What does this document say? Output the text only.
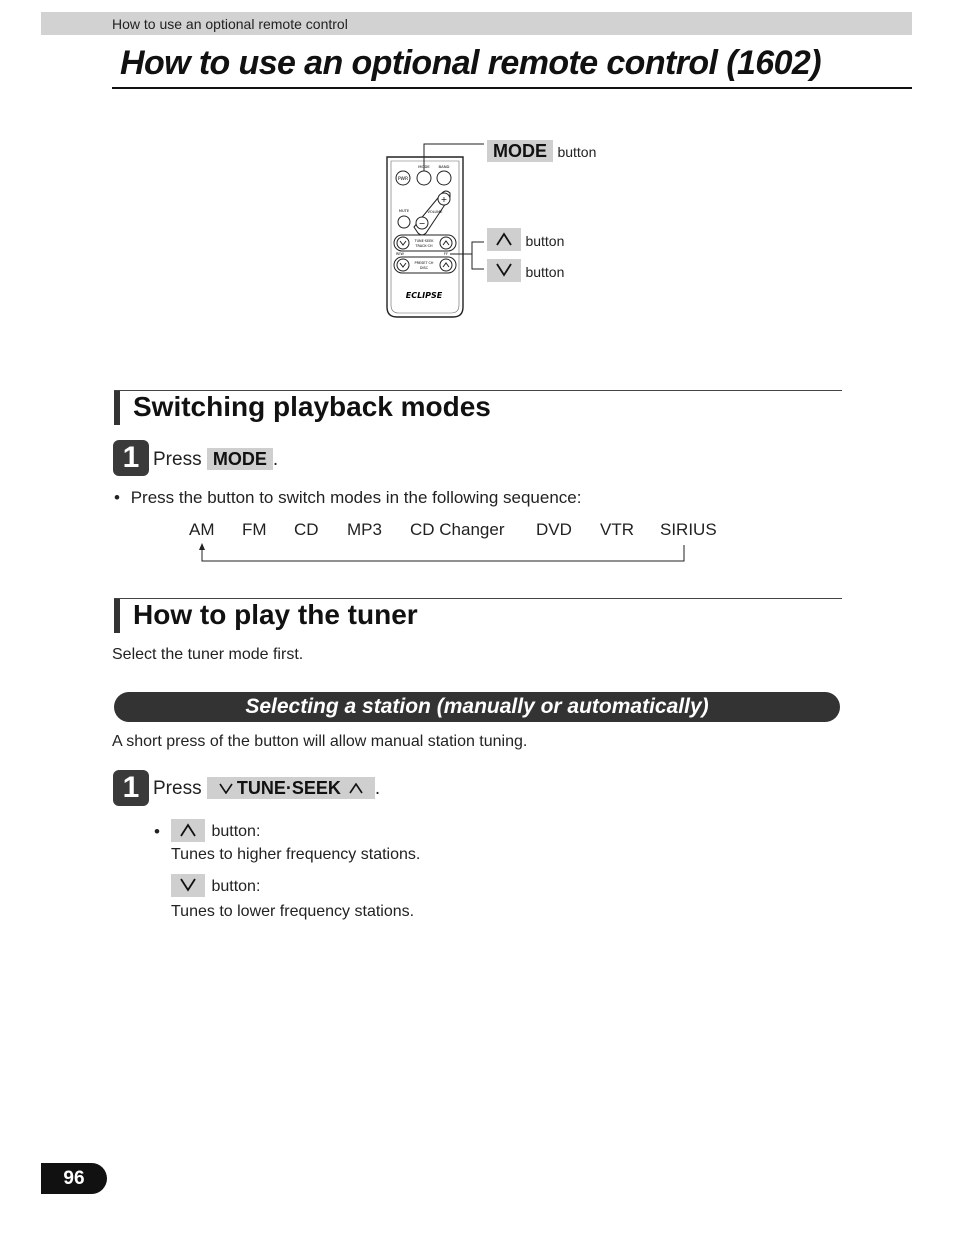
How to use an optional remote control
How to use an optional remote control (1602)
PWR
MODE BAND
+
−
VOLUME
MUTE
TUNE·SEEK
TRACK·CH
REW	FF
PRESET CH
DISC
ECLIPSE
MODE button
button
button
Switching playback modes
1 Press MODE .
• Press the button to switch modes in the following sequence:
AM FM CD MP3 CD Changer DVD VTR SIRIUS
How to play the tuner
Select the tuner mode first.
Selecting a station (manually or automatically)
A short press of the button will allow manual station tuning.
1 Press TUNE·SEEK .
•	button:
Tunes to higher frequency stations.
button:
Tunes to lower frequency stations.
96
